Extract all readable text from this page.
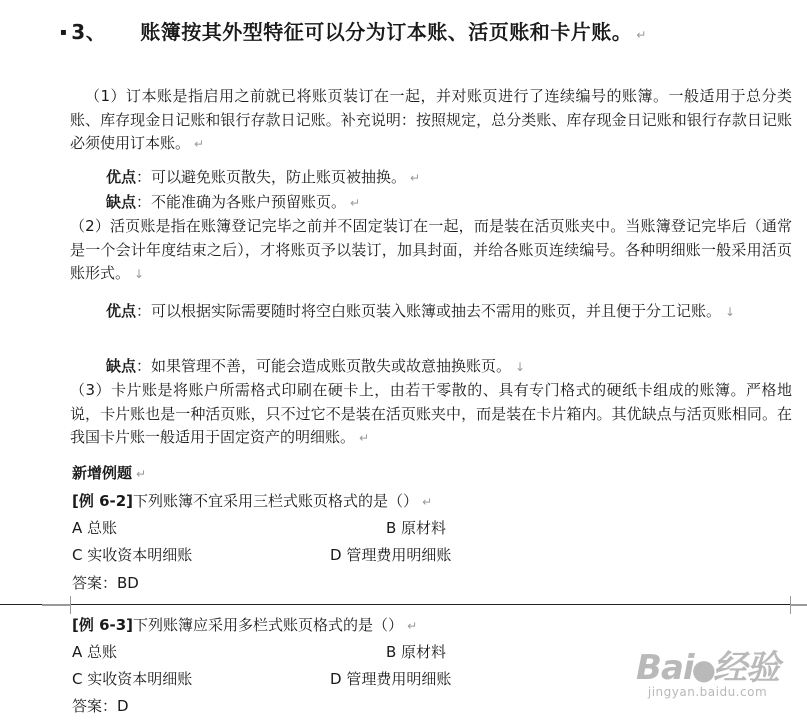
▪ 3、 账簿按其外型特征可以分为订本账、活页账和卡片账。 ↵
（1）订本账是指启用之前就已将账页装订在一起，并对账页进行了连续编号的账簿。一般适用于总分类账、库存现金日记账和银行存款日记账。补充说明：按照规定，总分类账、库存现金日记账和银行存款日记账必须使用订本账。 ↵
优点：可以避免账页散失，防止账页被抽换。 ↵
缺点：不能准确为各账户预留账页。 ↵
（2）活页账是指在账簿登记完毕之前并不固定装订在一起，而是装在活页账夹中。当账簿登记完毕后（通常是一个会计年度结束之后），才将账页予以装订，加具封面，并给各账页连续编号。各种明细账一般采用活页账形式。 ↓
优点：可以根据实际需要随时将空白账页装入账簿或抽去不需用的账页，并且便于分工记账。 ↓
缺点：如果管理不善，可能会造成账页散失或故意抽换账页。 ↓
（3）卡片账是将账户所需格式印刷在硬卡上，由若干零散的、具有专门格式的硬纸卡组成的账簿。严格地说，卡片账也是一种活页账，只不过它不是装在活页账夹中，而是装在卡片箱内。其优缺点与活页账相同。在我国卡片账一般适用于固定资产的明细账。 ↵
新增例题 ↵
[例 6-2]下列账簿不宜采用三栏式账页格式的是（） ↵
A 总账	B 原材料
C 实收资本明细账	D 管理费用明细账
答案：BD
[例 6-3]下列账簿应采用多栏式账页格式的是（） ↵
A 总账	B 原材料
C 实收资本明细账	D 管理费用明细账
答案：D
Bai●经验
jingyan.baidu.com
